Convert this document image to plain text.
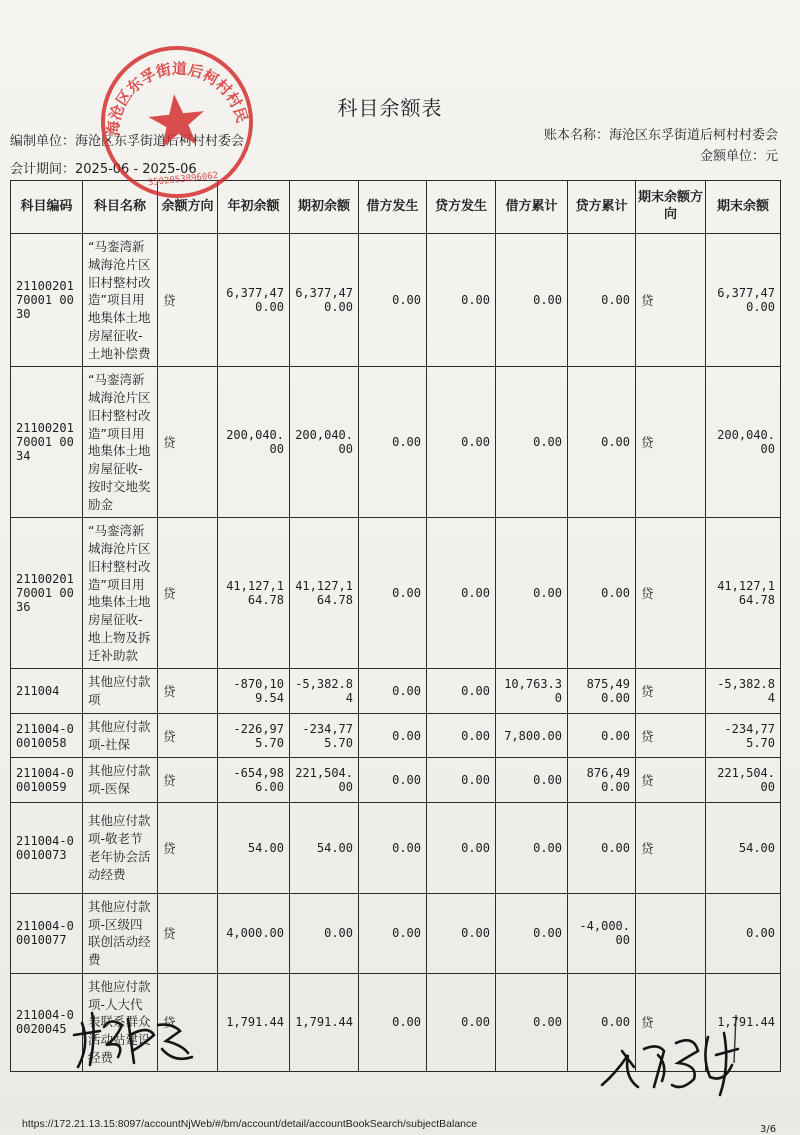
科目余额表
编制单位：海沧区东孚街道后柯村村委会
会计期间：2025-06 - 2025-06
账本名称：海沧区东孚街道后柯村村委会
金额单位：元
科目编码	科目名称	余额方向	年初余额	期初余额	借方发生	贷方发生	借方累计	贷方累计	期末余额方向	期末余额
2110020170001 0030	“马銮湾新城海沧片区旧村整村改造”项目用地集体土地房屋征收-土地补偿费	贷	6,377,470.00	6,377,470.00	0.00	0.00	0.00	0.00	贷	6,377,470.00
2110020170001 0034	“马銮湾新城海沧片区旧村整村改造”项目用地集体土地房屋征收-按时交地奖励金	贷	200,040.00	200,040.00	0.00	0.00	0.00	0.00	贷	200,040.00
2110020170001 0036	“马銮湾新城海沧片区旧村整村改造”项目用地集体土地房屋征收-地上物及拆迁补助款	贷	41,127,164.78	41,127,164.78	0.00	0.00	0.00	0.00	贷	41,127,164.78
211004	其他应付款项	贷	-870,109.54	-5,382.84	0.00	0.00	10,763.30	875,490.00	贷	-5,382.84
211004-00010058	其他应付款项-社保	贷	-226,975.70	-234,775.70	0.00	0.00	7,800.00	0.00	贷	-234,775.70
211004-00010059	其他应付款项-医保	贷	-654,986.00	221,504.00	0.00	0.00	0.00	876,490.00	贷	221,504.00
211004-00010073	其他应付款项-敬老节老年协会活动经费	贷	54.00	54.00	0.00	0.00	0.00	0.00	贷	54.00
211004-00010077	其他应付款项-区级四联创活动经费	贷	4,000.00	0.00	0.00	0.00	0.00	-4,000.00		0.00
211004-00020045	其他应付款项-人大代表联系群众活动站建设经费	贷	1,791.44	1,791.44	0.00	0.00	0.00	0.00	贷	1,791.44
厦门市海沧区东孚街道后柯村村民委员会
3502053896062
https://172.21.13.15:8097/accountNjWeb/#/bm/account/detail/accountBookSearch/subjectBalance	3/6
